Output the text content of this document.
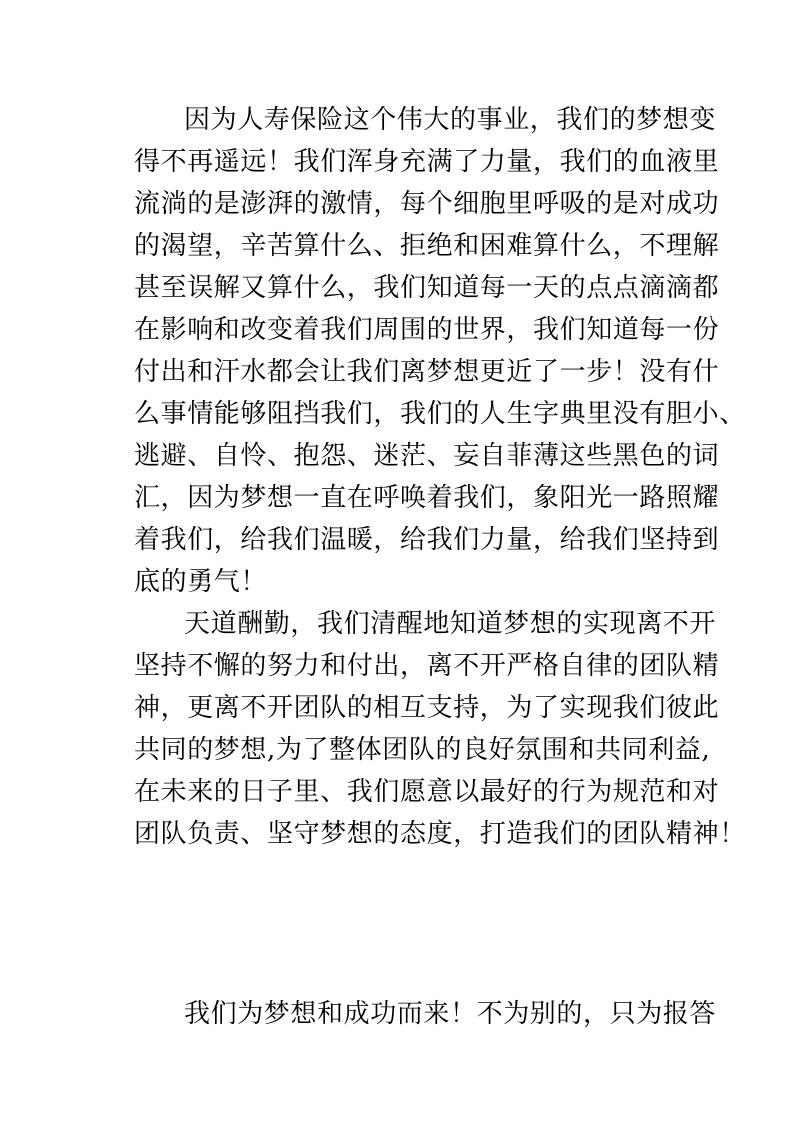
因为人寿保险这个伟大的事业，我们的梦想变
得不再遥远！我们浑身充满了力量，我们的血液里
流淌的是澎湃的激情，每个细胞里呼吸的是对成功
的渴望，辛苦算什么、拒绝和困难算什么，不理解
甚至误解又算什么，我们知道每一天的点点滴滴都
在影响和改变着我们周围的世界，我们知道每一份
付出和汗水都会让我们离梦想更近了一步！没有什
么事情能够阻挡我们，我们的人生字典里没有胆小、
逃避、自怜、抱怨、迷茫、妄自菲薄这些黑色的词
汇，因为梦想一直在呼唤着我们，象阳光一路照耀
着我们，给我们温暖，给我们力量，给我们坚持到
底的勇气！
天道酬勤，我们清醒地知道梦想的实现离不开
坚持不懈的努力和付出，离不开严格自律的团队精
神，更离不开团队的相互支持，为了实现我们彼此
共同的梦想,为了整体团队的良好氛围和共同利益,
在未来的日子里、我们愿意以最好的行为规范和对
团队负责、坚守梦想的态度，打造我们的团队精神！
我们为梦想和成功而来！不为别的，只为报答
